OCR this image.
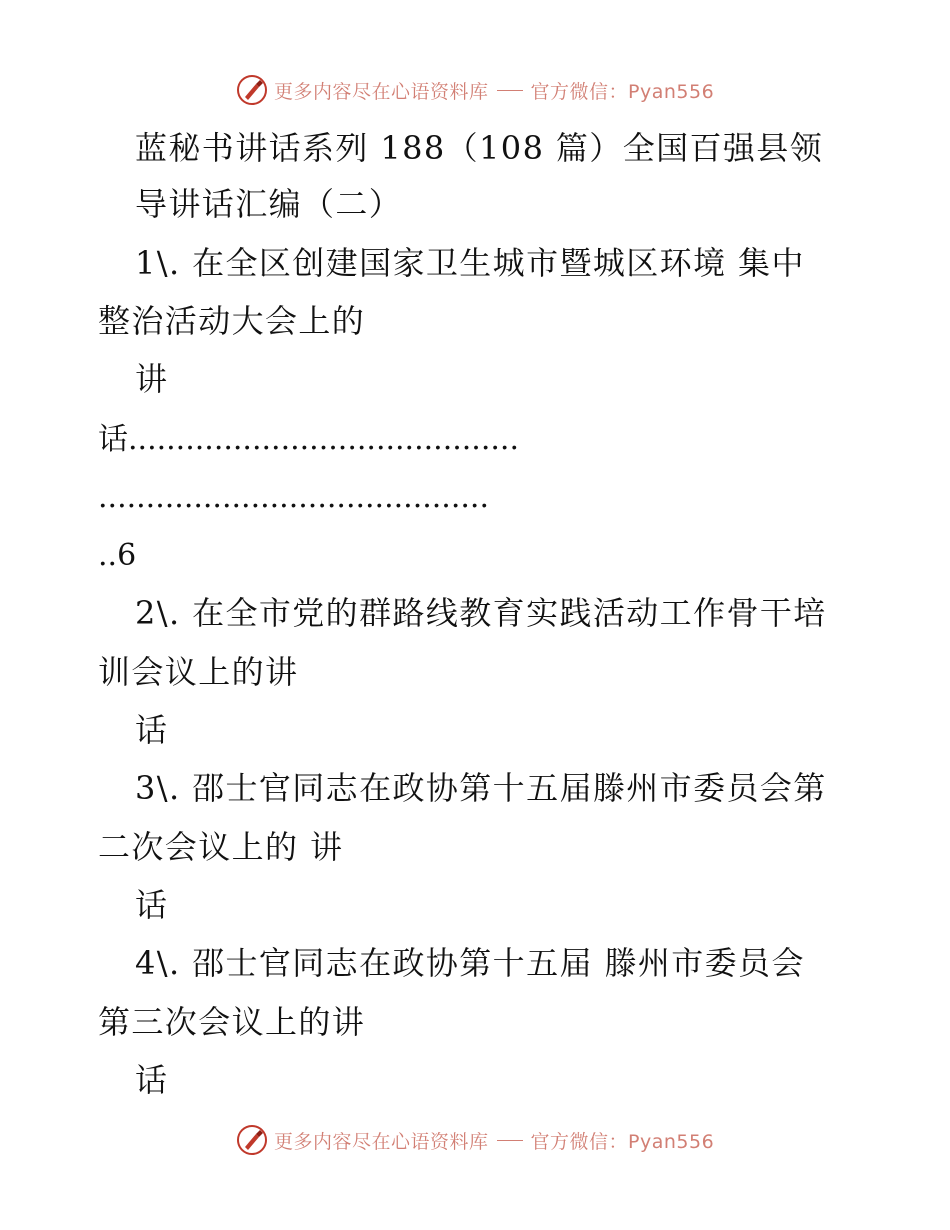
更多内容尽在心语资料库 官方微信：Pyan556
蓝秘书讲话系列 188（108 篇）全国百强县领
导讲话汇编（二）
1\. 在全区创建国家卫生城市暨城区环境 集中
整治活动大会上的
讲
话.........................................
.........................................
..6
2\. 在全市党的群路线教育实践活动工作骨干培
训会议上的讲
话
3\. 邵士官同志在政协第十五届滕州市委员会第
二次会议上的 讲
话
4\. 邵士官同志在政协第十五届 滕州市委员会
第三次会议上的讲
话
更多内容尽在心语资料库 官方微信：Pyan556
